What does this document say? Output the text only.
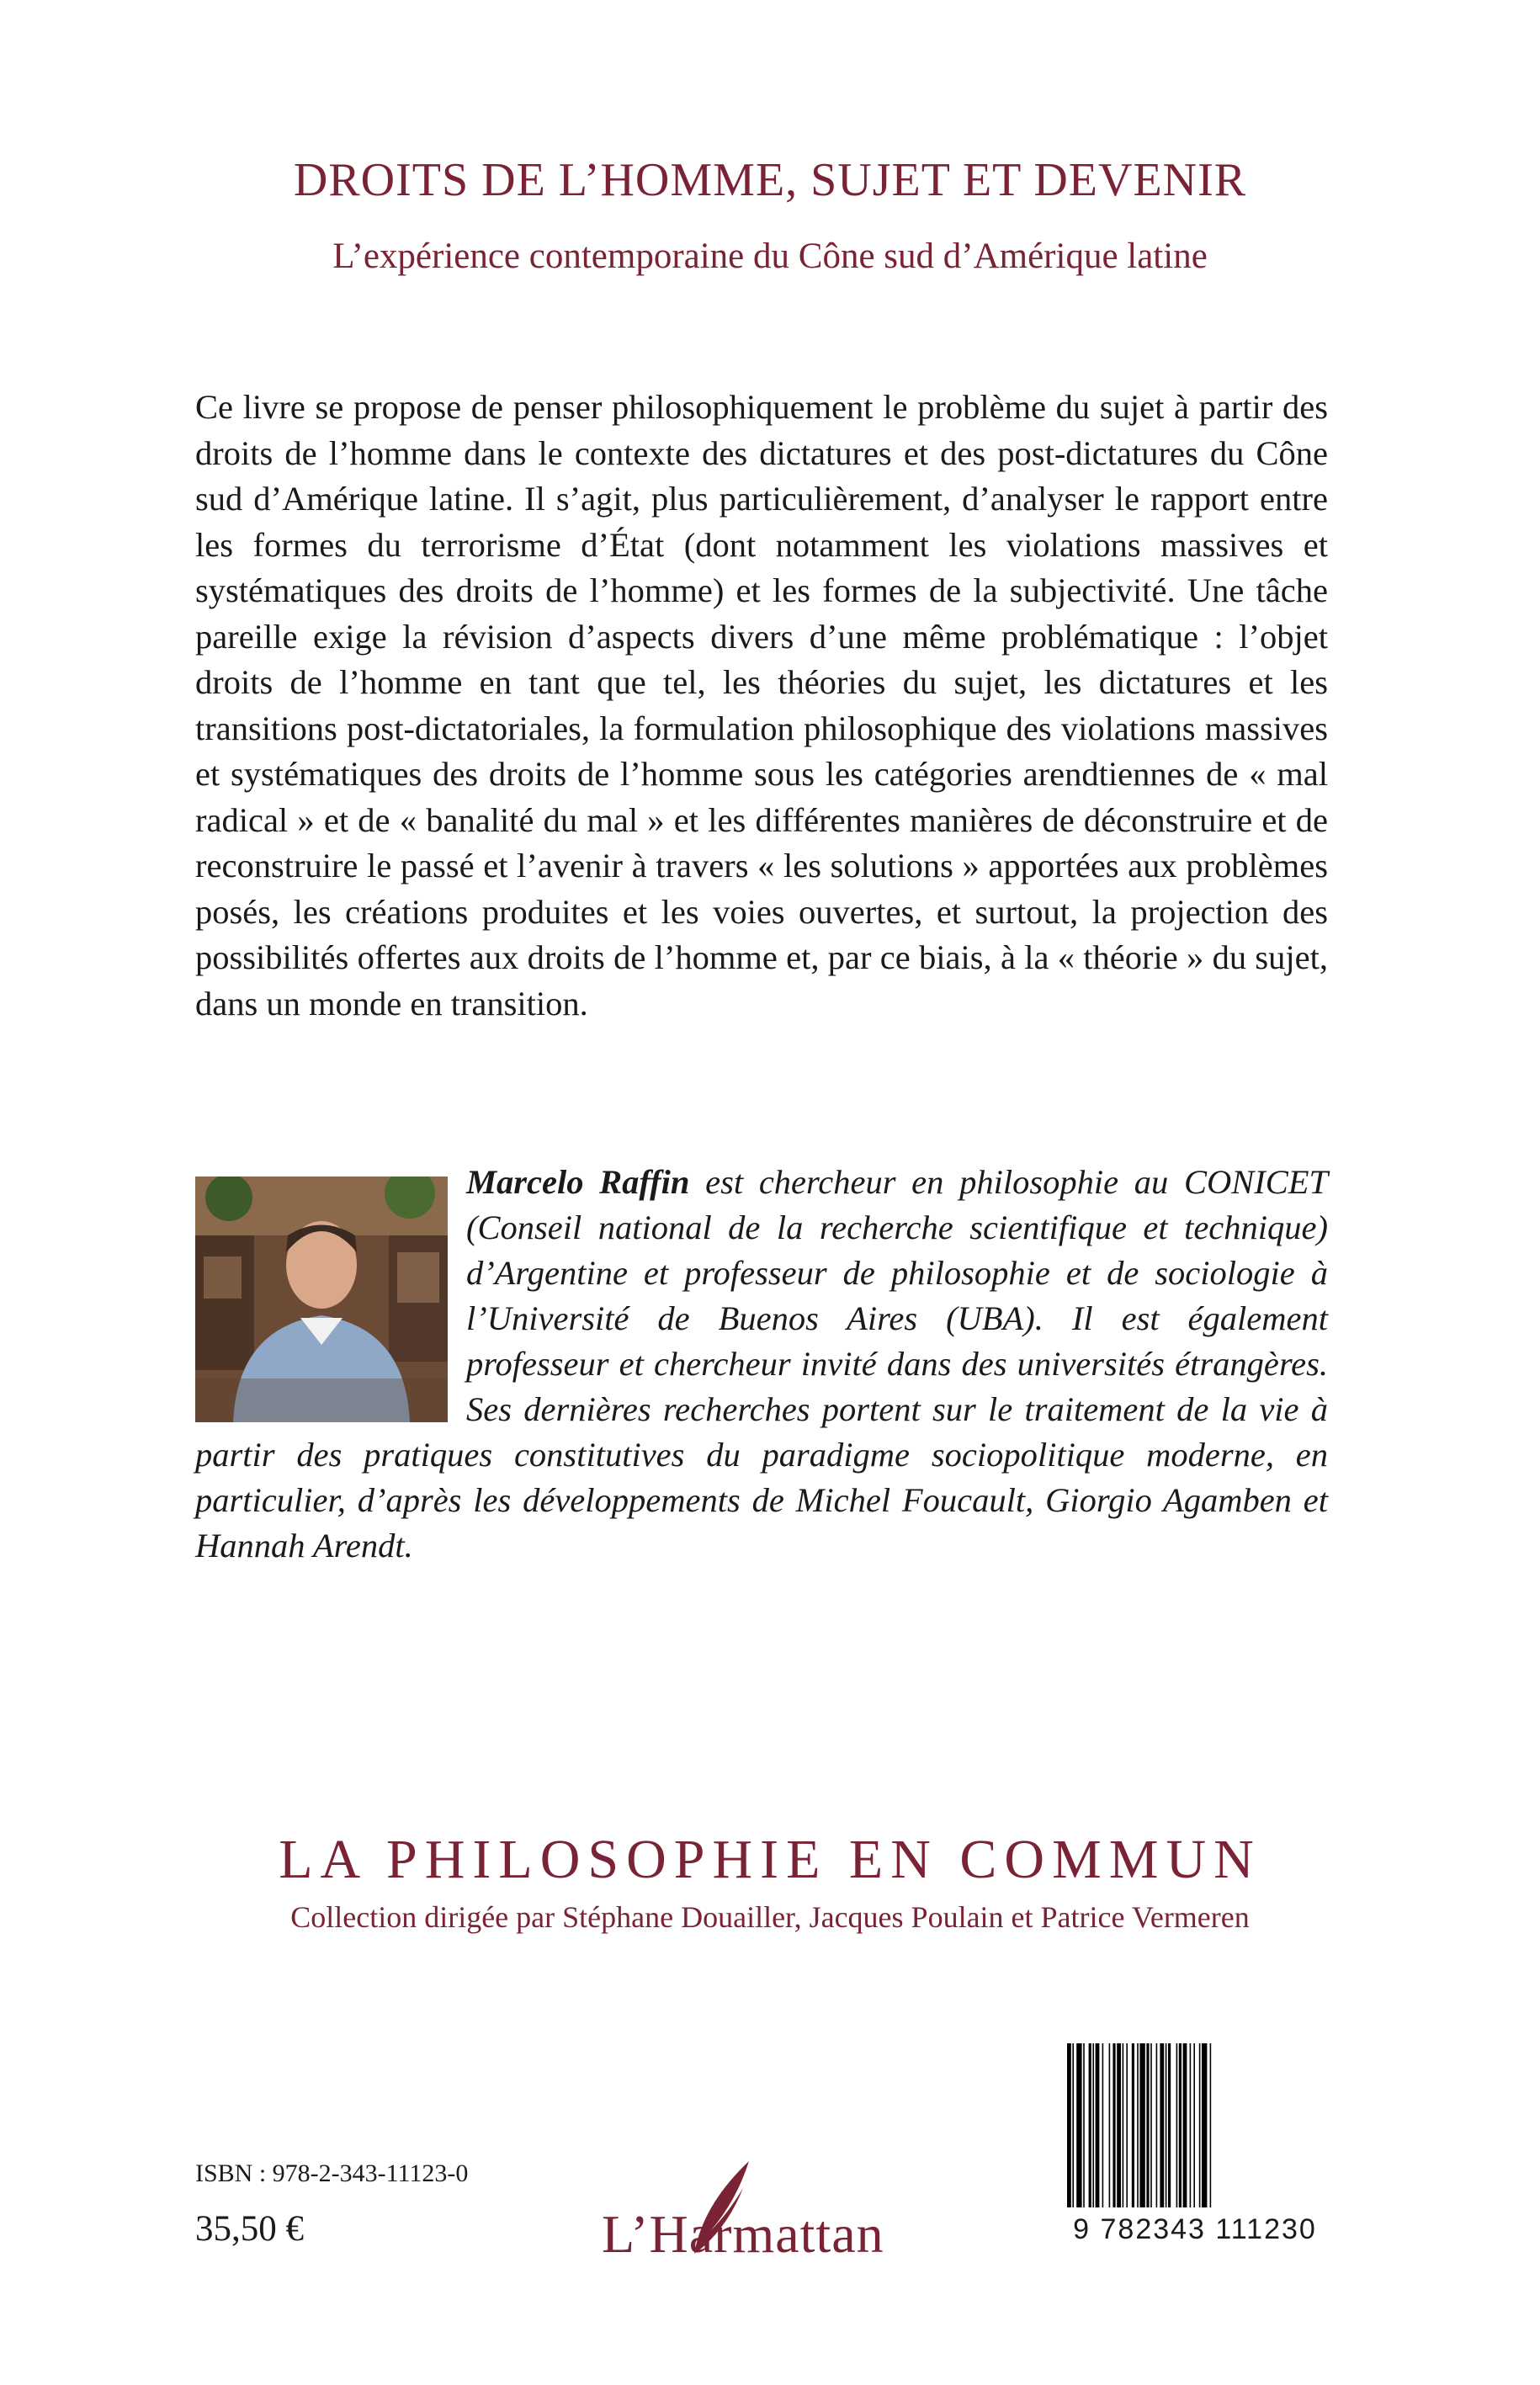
DROITS DE L’HOMME, SUJET ET DEVENIR
L’expérience contemporaine du Cône sud d’Amérique latine
Ce livre se propose de penser philosophiquement le problème du sujet à partir des droits de l’homme dans le contexte des dictatures et des post-dictatures du Cône sud d’Amérique latine. Il s’agit, plus particulièrement, d’analyser le rapport entre les formes du terrorisme d’État (dont notamment les violations massives et systématiques des droits de l’homme) et les formes de la subjectivité. Une tâche pareille exige la révision d’aspects divers d’une même problématique : l’objet droits de l’homme en tant que tel, les théories du sujet, les dictatures et les transitions post-dictatoriales, la formulation philosophique des violations massives et systématiques des droits de l’homme sous les catégories arendtiennes de « mal radical » et de « banalité du mal » et les différentes manières de déconstruire et de reconstruire le passé et l’avenir à travers « les solutions » apportées aux problèmes posés, les créations produites et les voies ouvertes, et surtout, la projection des possibilités offertes aux droits de l’homme et, par ce biais, à la « théorie » du sujet, dans un monde en transition.
Marcelo Raffin est chercheur en philosophie au CONICET (Conseil national de la recherche scientifique et technique) d’Argentine et professeur de philosophie et de sociologie à l’Université de Buenos Aires (UBA). Il est également professeur et chercheur invité dans des universités étrangères. Ses dernières recherches portent sur le traitement de la vie à partir des pratiques constitutives du paradigme sociopolitique moderne, en particulier, d’après les développements de Michel Foucault, Giorgio Agamben et Hannah Arendt.
LA PHILOSOPHIE EN COMMUN
Collection dirigée par Stéphane Douailler, Jacques Poulain et Patrice Vermeren
ISBN : 978-2-343-11123-0
35,50 €	L’Harmattan	9 782343 111230
